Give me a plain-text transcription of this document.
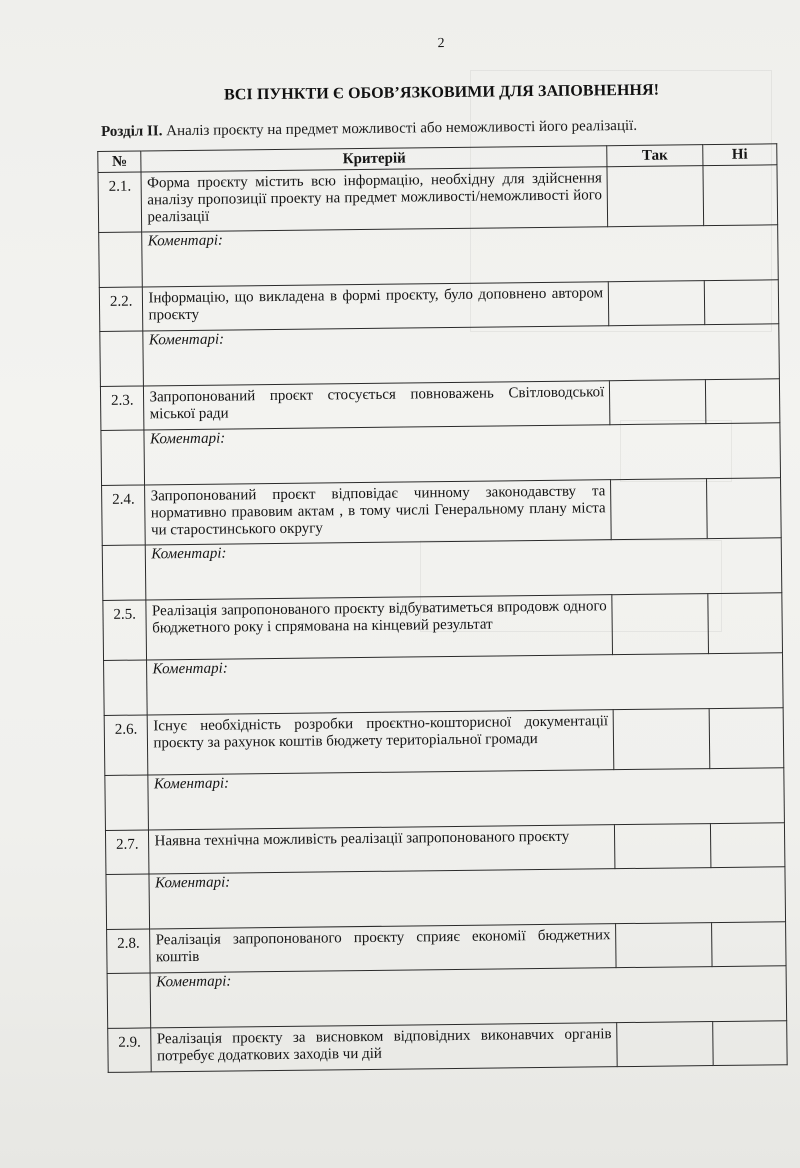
2
ВСІ ПУНКТИ Є ОБОВ’ЯЗКОВИМИ ДЛЯ ЗАПОВНЕННЯ!
Розділ II. Аналіз проєкту на предмет можливості або неможливості його реалізації.
№	Критерій	Так	Ні
2.1.	Форма проєкту містить всю інформацію, необхідну для здійснення аналізу пропозиції проекту на предмет можливості/неможливості його реалізації		
	Коментарі:		
2.2.	Інформацію, що викладена в формі проєкту, було доповнено автором проєкту		
	Коментарі:		
2.3.	Запропонований проєкт стосується повноважень Світловодської міської ради		
	Коментарі:		
2.4.	Запропонований проєкт відповідає чинному законодавству та нормативно правовим актам , в тому числі Генеральному плану міста чи старостинського округу		
	Коментарі:		
2.5.	Реалізація запропонованого проєкту відбуватиметься впродовж одного бюджетного року і спрямована на кінцевий результат		
	Коментарі:		
2.6.	Існує необхідність розробки проєктно-кошторисної документації проєкту за рахунок коштів бюджету територіальної громади		
	Коментарі:		
2.7.	Наявна технічна можливість реалізації запропонованого проєкту		
	Коментарі:		
2.8.	Реалізація запропонованого проєкту сприяє економії бюджетних коштів		
	Коментарі:		
2.9.	Реалізація проєкту за висновком відповідних виконавчих органів потребує додаткових заходів чи дій		
